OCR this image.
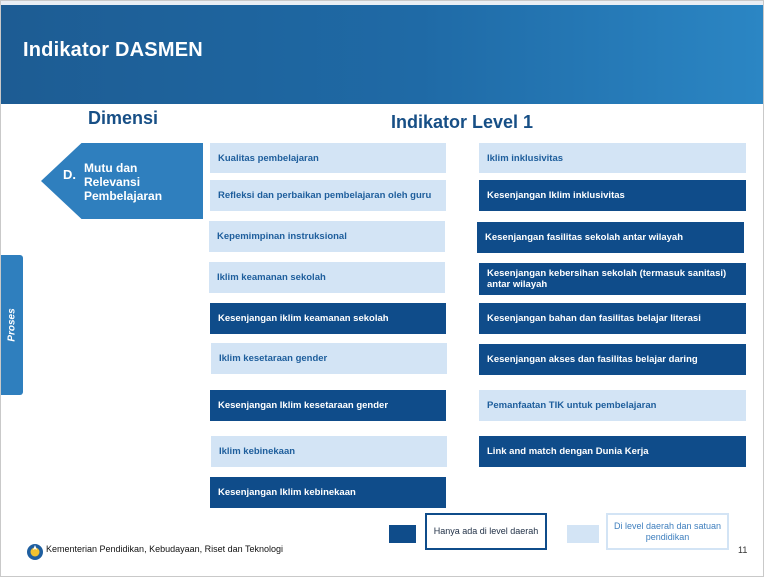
Indikator DASMEN
Dimensi	Indikator Level 1
D. Mutu dan Relevansi Pembelajaran
Proses
Kualitas pembelajaran
Refleksi dan perbaikan pembelajaran oleh guru
Kepemimpinan instruksional
Iklim keamanan sekolah
Kesenjangan iklim keamanan sekolah
Iklim kesetaraan gender
Kesenjangan Iklim kesetaraan gender
Iklim kebinekaan
Kesenjangan Iklim kebinekaan
Iklim inklusivitas
Kesenjangan Iklim inklusivitas
Kesenjangan fasilitas sekolah antar wilayah
Kesenjangan kebersihan sekolah (termasuk sanitasi) antar wilayah
Kesenjangan bahan dan fasilitas belajar literasi
Kesenjangan akses dan fasilitas belajar daring
Pemanfaatan TIK untuk pembelajaran
Link and match dengan Dunia Kerja
Hanya ada di level daerah
Di level daerah dan satuan pendidikan
Kementerian Pendidikan, Kebudayaan, Riset dan Teknologi	11
